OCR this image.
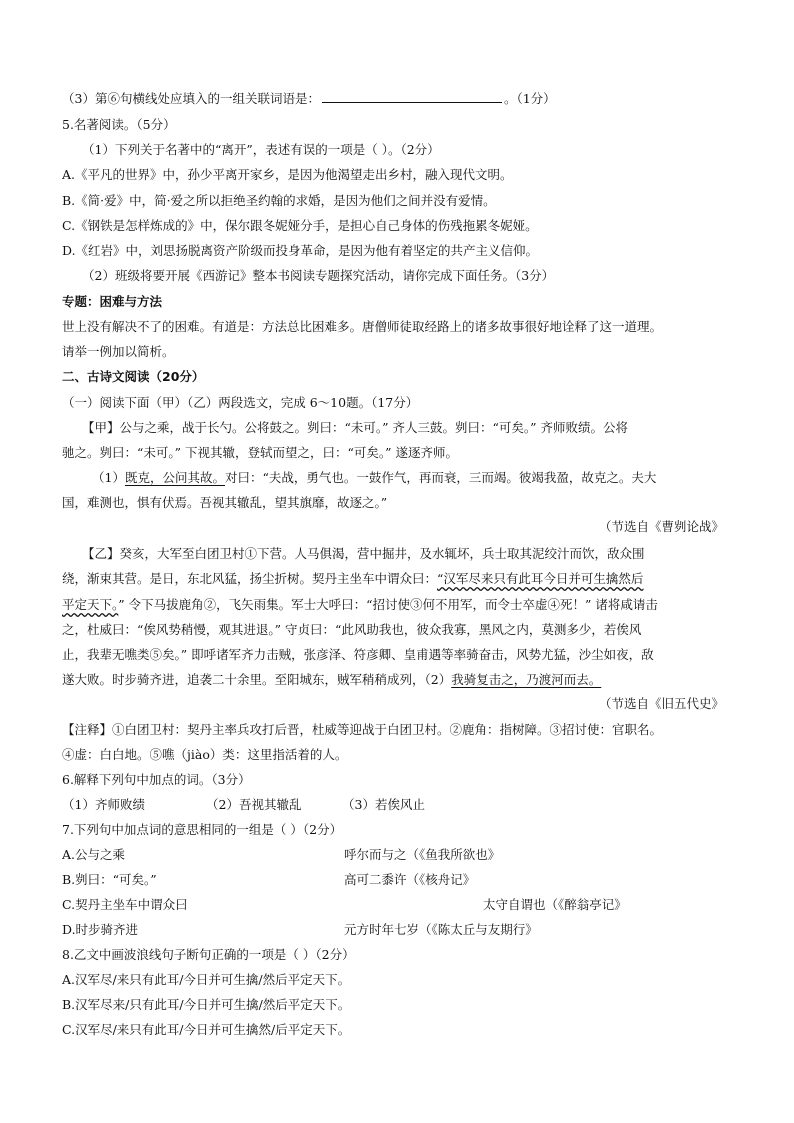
（3）第⑥句横线处应填入的一组关联词语是：	。（1分）
5.名著阅读。（5分）
（1）下列关于名著中的“离开”，表述有误的一项是（ ）。（2分）
A.《平凡的世界》中，孙少平离开家乡，是因为他渴望走出乡村，融入现代文明。
B.《简·爱》中，简·爱之所以拒绝圣约翰的求婚，是因为他们之间并没有爱情。
C.《钢铁是怎样炼成的》中，保尔跟冬妮娅分手，是担心自己身体的伤残拖累冬妮娅。
D.《红岩》中，刘思扬脱离资产阶级而投身革命，是因为他有着坚定的共产主义信仰。
（2）班级将要开展《西游记》整本书阅读专题探究活动，请你完成下面任务。（3分）
专题：困难与方法
世上没有解决不了的困难。有道是：方法总比困难多。唐僧师徒取经路上的诸多故事很好地诠释了这一道理。
请举一例加以简析。
二、古诗文阅读（20分）
（一）阅读下面（甲）（乙）两段选文，完成 6～10题。（17分）
【甲】公与之乘，战于长勺。公将鼓之。刿曰：“未可。” 齐人三鼓。刿曰：“可矣。” 齐师败绩。公将
驰之。刿曰：“未可。” 下视其辙，登轼而望之，曰：“可矣。” 遂逐齐师。
（1）既克，公问其故。对曰：“夫战，勇气也。一鼓作气，再而衰，三而竭。彼竭我盈，故克之。夫大
国，难测也，惧有伏焉。吾视其辙乱，望其旗靡，故逐之。”
（节选自《曹刿论战》
【乙】癸亥，大军至白团卫村①下营。人马俱渴，营中掘井，及水辄坏，兵士取其泥绞汁而饮，敌众围
绕，渐束其营。是日，东北风猛，扬尘折树。契丹主坐车中谓众曰：“汉军尽来只有此耳今日并可生擒然后
平定天下。” 令下马拔鹿角②，飞矢雨集。军士大呼曰：“招讨使③何不用军，而令士卒虚④死！” 诸将咸请击
之，杜威曰：“俟风势稍慢，观其进退。” 守贞曰：“此风助我也，彼众我寡，黑风之内，莫测多少，若俟风
止，我辈无噍类⑤矣。” 即呼诸军齐力击贼，张彦泽、符彦卿、皇甫遇等率骑奋击，风势尤猛，沙尘如夜，敌
遂大败。时步骑齐进，追袭二十余里。至阳城东，贼军稍稍成列，（2）我骑复击之，乃渡河而去。
（节选自《旧五代史》
【注释】①白团卫村：契丹主率兵攻打后晋，杜威等迎战于白团卫村。②鹿角：指树障。③招讨使：官职名。
④虚：白白地。⑤噍（jiào）类：这里指活着的人。
6.解释下列句中加点的词。（3分）
（1）齐师败绩	（2）吾视其辙乱	（3）若俟风止
7.下列句中加点词的意思相同的一组是（ ）（2分）
A.公与之乘	呼尔而与之（《鱼我所欲也》
B.刿曰：“可矣。”	高可二黍许（《核舟记》
C.契丹主坐车中谓众曰	太守自谓也（《醉翁亭记》
D.时步骑齐进	元方时年七岁（《陈太丘与友期行》
8.乙文中画波浪线句子断句正确的一项是（ ）（2分）
A.汉军尽/来只有此耳/今日并可生擒/然后平定天下。
B.汉军尽来/只有此耳/今日并可生擒/然后平定天下。
C.汉军尽/来只有此耳/今日并可生擒然/后平定天下。
